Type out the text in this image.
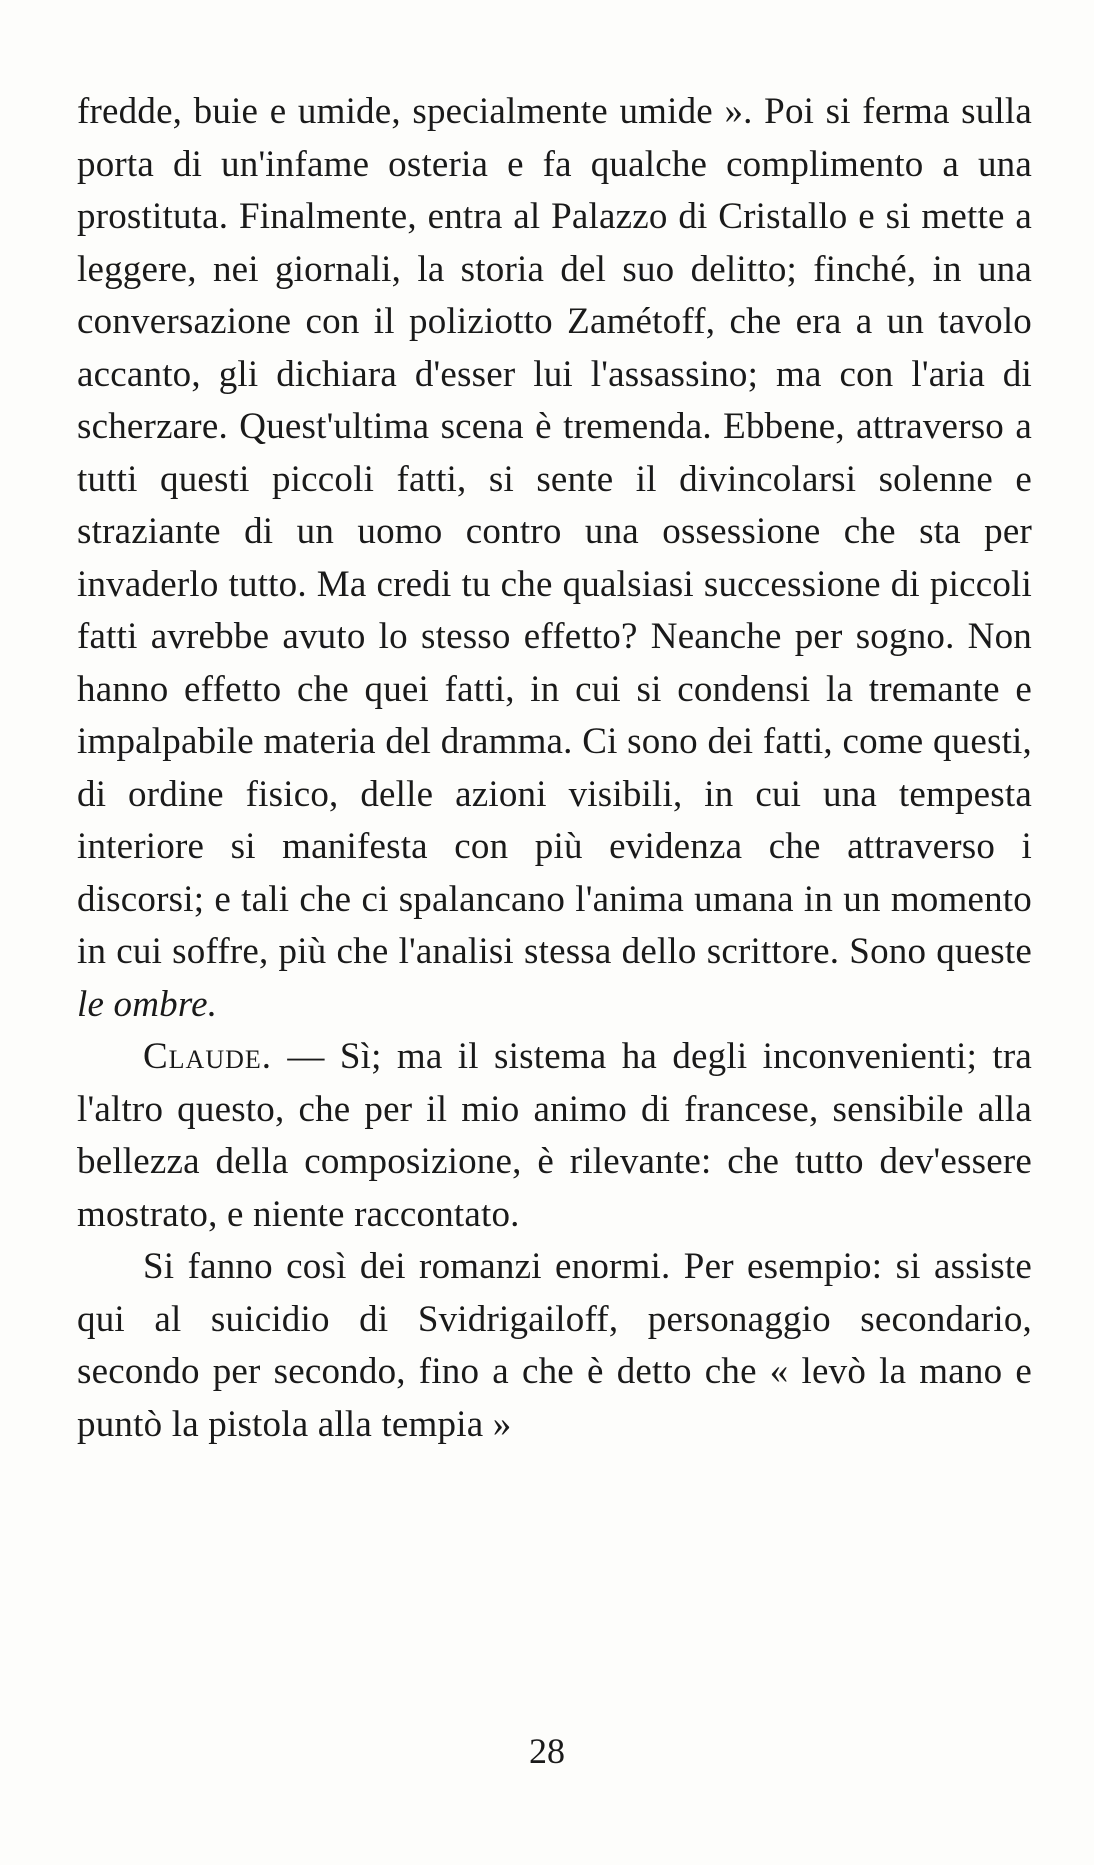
fredde, buie e umide, specialmente umide ». Poi si ferma sulla porta di un'infame osteria e fa qualche complimento a una prostituta. Finalmente, entra al Palazzo di Cristallo e si mette a leggere, nei giornali, la storia del suo delitto; finché, in una conversazione con il poliziotto Zamétoff, che era a un tavolo accanto, gli dichiara d'esser lui l'assassino; ma con l'aria di scherzare. Quest'ultima scena è tremenda. Ebbene, attraverso a tutti questi piccoli fatti, si sente il divincolarsi solenne e straziante di un uomo contro una ossessione che sta per invaderlo tutto. Ma credi tu che qualsiasi successione di piccoli fatti avrebbe avuto lo stesso effetto? Neanche per sogno. Non hanno effetto che quei fatti, in cui si condensi la tremante e impalpabile materia del dramma. Ci sono dei fatti, come questi, di ordine fisico, delle azioni visibili, in cui una tempesta interiore si manifesta con più evidenza che attraverso i discorsi; e tali che ci spalancano l'anima umana in un momento in cui soffre, più che l'analisi stessa dello scrittore. Sono queste le ombre.

Claude. — Sì; ma il sistema ha degli inconvenienti; tra l'altro questo, che per il mio animo di francese, sensibile alla bellezza della composizione, è rilevante: che tutto dev'essere mostrato, e niente raccontato.

Si fanno così dei romanzi enormi. Per esempio: si assiste qui al suicidio di Svidrigailoff, personaggio secondario, secondo per secondo, fino a che è detto che « levò la mano e puntò la pistola alla tempia »

28
